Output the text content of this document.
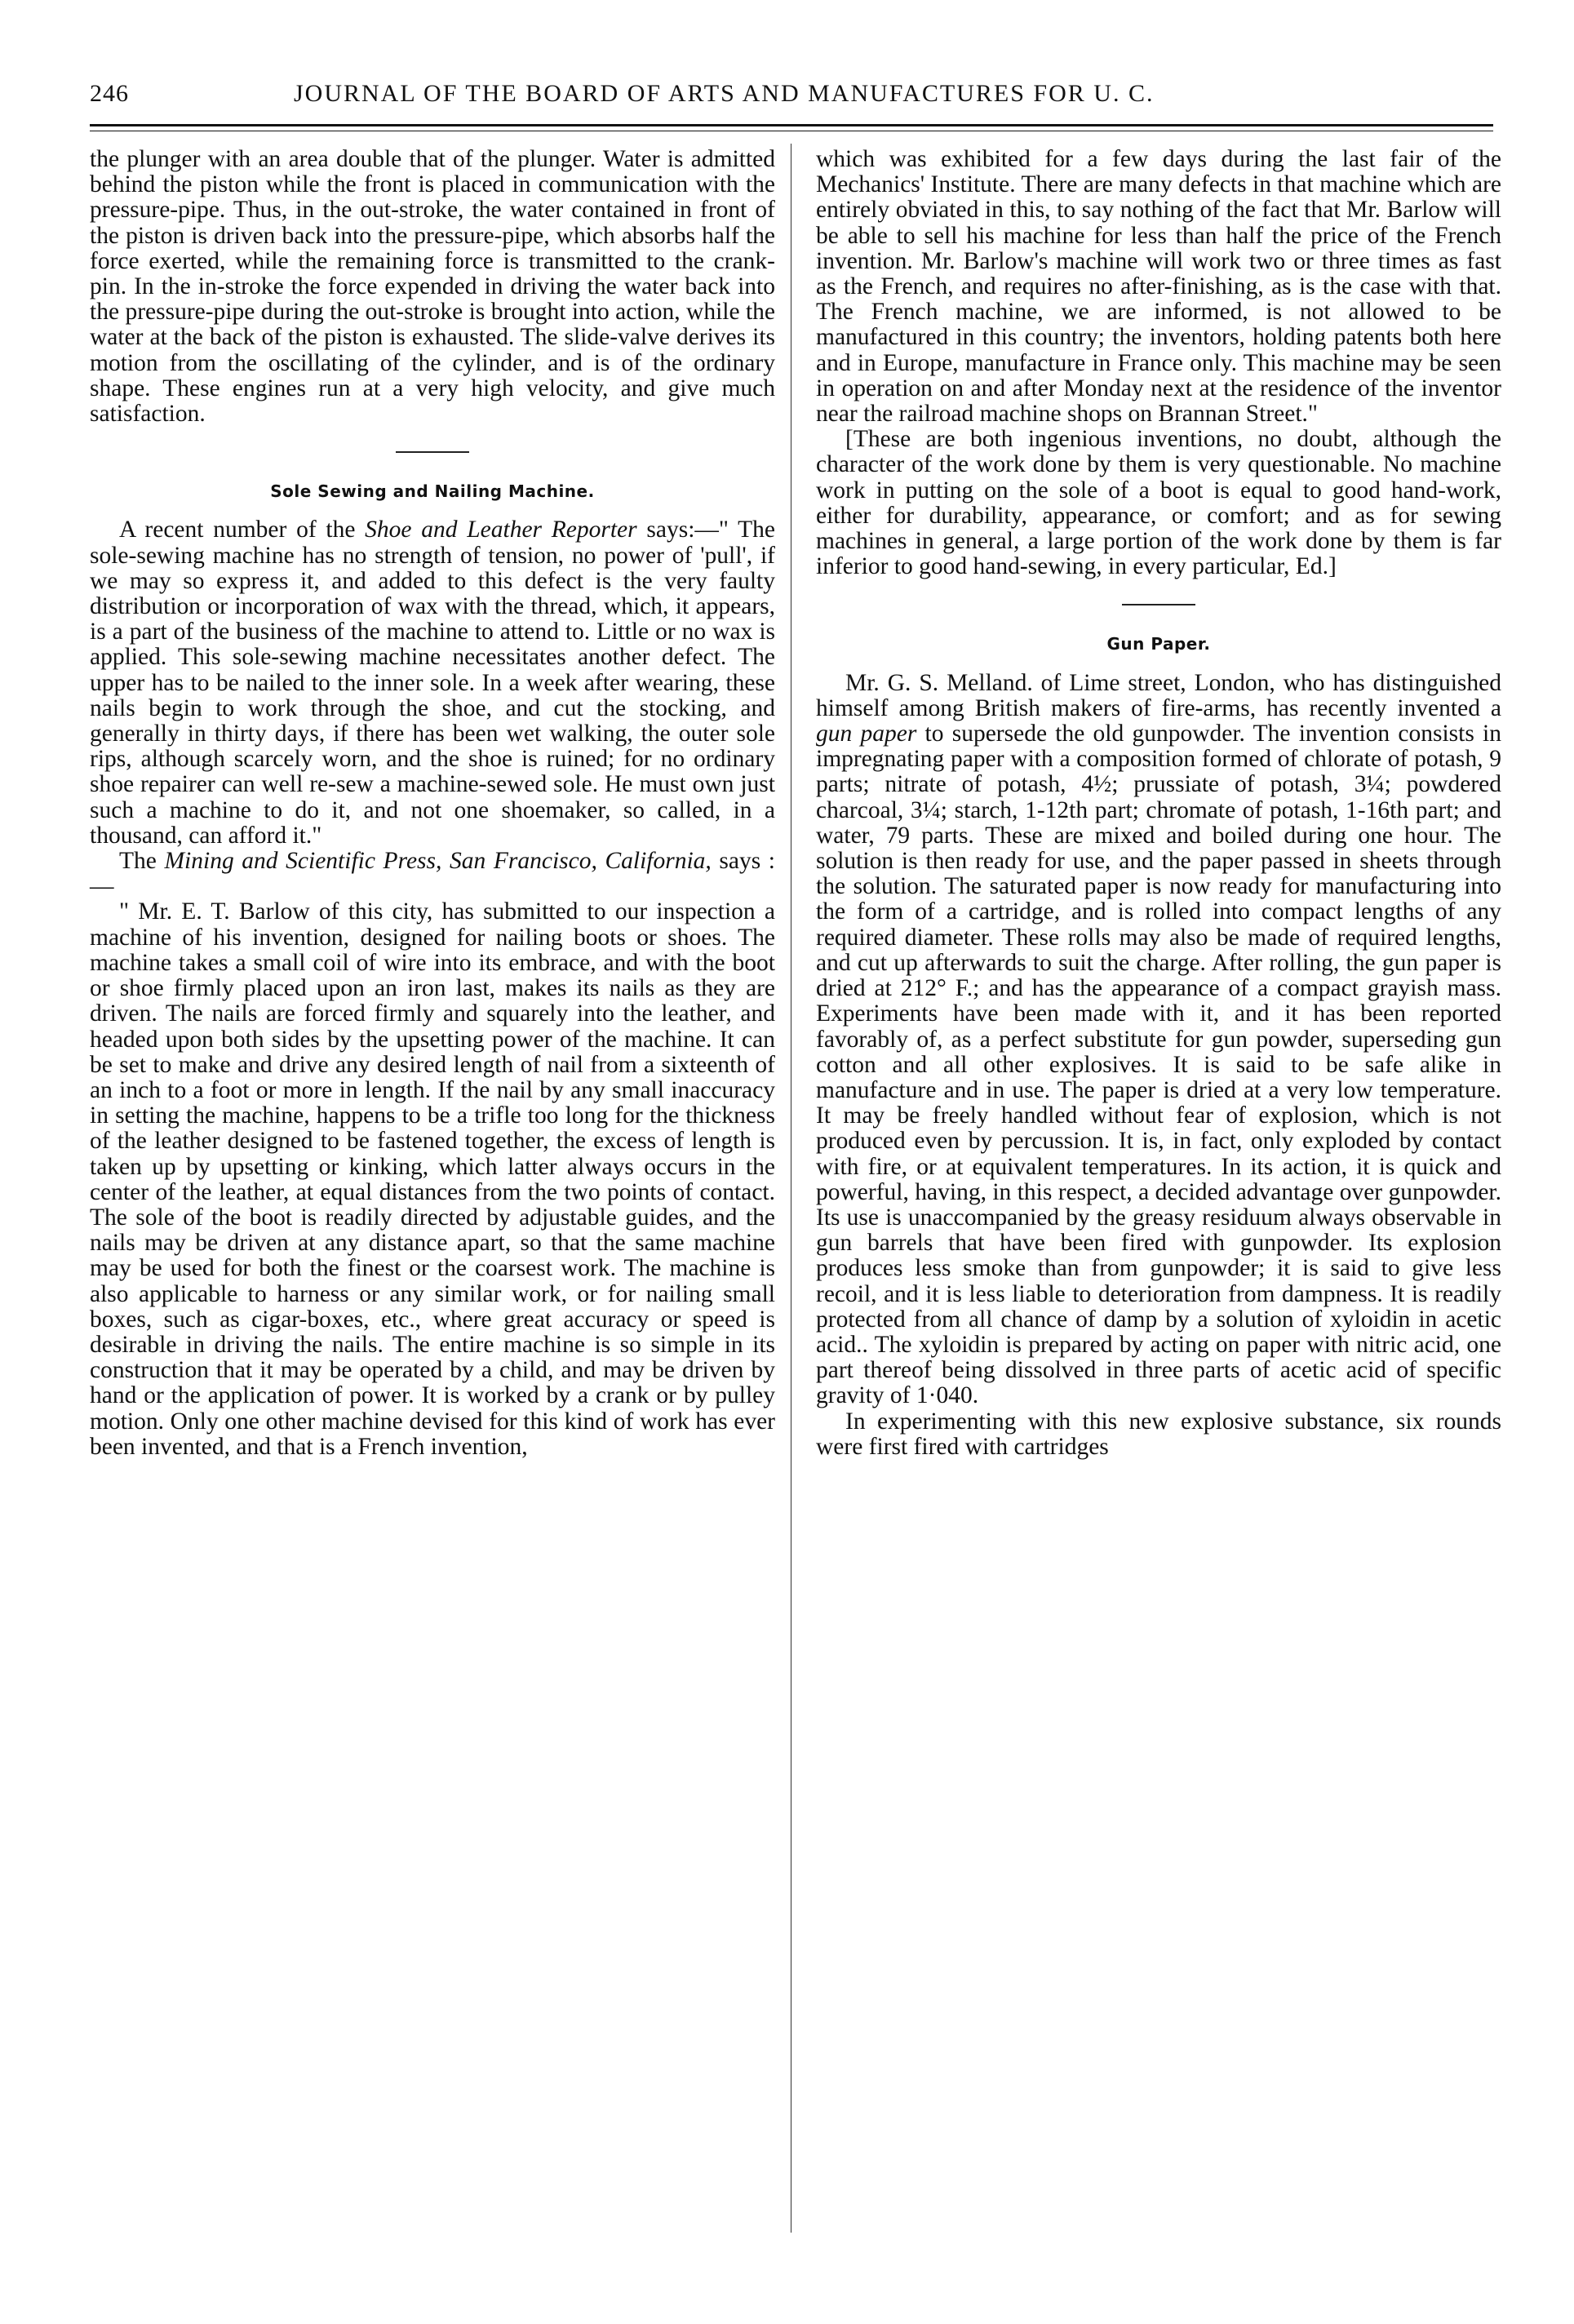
246	JOURNAL OF THE BOARD OF ARTS AND MANUFACTURES FOR U. C.

the plunger with an area double that of the plunger. Water is admitted behind the piston while the front is placed in communication with the pressure-pipe. Thus, in the out-stroke, the water contained in front of the piston is driven back into the pressure-pipe, which absorbs half the force exerted, while the remaining force is transmitted to the crank-pin. In the in-stroke the force expended in driving the water back into the pressure-pipe during the out-stroke is brought into action, while the water at the back of the piston is exhausted. The slide-valve derives its motion from the oscillating of the cylinder, and is of the ordinary shape. These engines run at a very high velocity, and give much satisfaction.

Sole Sewing and Nailing Machine.

A recent number of the Shoe and Leather Reporter says:—" The sole-sewing machine has no strength of tension, no power of 'pull', if we may so express it, and added to this defect is the very faulty distribution or incorporation of wax with the thread, which, it appears, is a part of the business of the machine to attend to. Little or no wax is applied. This sole-sewing machine necessitates another defect. The upper has to be nailed to the inner sole. In a week after wearing, these nails begin to work through the shoe, and cut the stocking, and generally in thirty days, if there has been wet walking, the outer sole rips, although scarcely worn, and the shoe is ruined; for no ordinary shoe repairer can well re-sew a machine-sewed sole. He must own just such a machine to do it, and not one shoemaker, so called, in a thousand, can afford it."

The Mining and Scientific Press, San Francisco, California, says :—

" Mr. E. T. Barlow of this city, has submitted to our inspection a machine of his invention, designed for nailing boots or shoes. The machine takes a small coil of wire into its embrace, and with the boot or shoe firmly placed upon an iron last, makes its nails as they are driven. The nails are forced firmly and squarely into the leather, and headed upon both sides by the upsetting power of the machine. It can be set to make and drive any desired length of nail from a sixteenth of an inch to a foot or more in length. If the nail by any small inaccuracy in setting the machine, happens to be a trifle too long for the thickness of the leather designed to be fastened together, the excess of length is taken up by upsetting or kinking, which latter always occurs in the center of the leather, at equal distances from the two points of contact. The sole of the boot is readily directed by adjustable guides, and the nails may be driven at any distance apart, so that the same machine may be used for both the finest or the coarsest work. The machine is also applicable to harness or any similar work, or for nailing small boxes, such as cigar-boxes, etc., where great accuracy or speed is desirable in driving the nails. The entire machine is so simple in its construction that it may be operated by a child, and may be driven by hand or the application of power. It is worked by a crank or by pulley motion. Only one other machine devised for this kind of work has ever been invented, and that is a French invention,

which was exhibited for a few days during the last fair of the Mechanics' Institute. There are many defects in that machine which are entirely obviated in this, to say nothing of the fact that Mr. Barlow will be able to sell his machine for less than half the price of the French invention. Mr. Barlow's machine will work two or three times as fast as the French, and requires no after-finishing, as is the case with that. The French machine, we are informed, is not allowed to be manufactured in this country; the inventors, holding patents both here and in Europe, manufacture in France only. This machine may be seen in operation on and after Monday next at the residence of the inventor near the railroad machine shops on Brannan Street."

[These are both ingenious inventions, no doubt, although the character of the work done by them is very questionable. No machine work in putting on the sole of a boot is equal to good hand-work, either for durability, appearance, or comfort; and as for sewing machines in general, a large portion of the work done by them is far inferior to good hand-sewing, in every particular, Ed.]

Gun Paper.

Mr. G. S. Melland. of Lime street, London, who has distinguished himself among British makers of fire-arms, has recently invented a gun paper to supersede the old gunpowder. The invention consists in impregnating paper with a composition formed of chlorate of potash, 9 parts; nitrate of potash, 4½; prussiate of potash, 3¼; powdered charcoal, 3¼; starch, 1-12th part; chromate of potash, 1-16th part; and water, 79 parts. These are mixed and boiled during one hour. The solution is then ready for use, and the paper passed in sheets through the solution. The saturated paper is now ready for manufacturing into the form of a cartridge, and is rolled into compact lengths of any required diameter. These rolls may also be made of required lengths, and cut up afterwards to suit the charge. After rolling, the gun paper is dried at 212° F.; and has the appearance of a compact grayish mass. Experiments have been made with it, and it has been reported favorably of, as a perfect substitute for gun powder, superseding gun cotton and all other explosives. It is said to be safe alike in manufacture and in use. The paper is dried at a very low temperature. It may be freely handled without fear of explosion, which is not produced even by percussion. It is, in fact, only exploded by contact with fire, or at equivalent temperatures. In its action, it is quick and powerful, having, in this respect, a decided advantage over gunpowder. Its use is unaccompanied by the greasy residuum always observable in gun barrels that have been fired with gunpowder. Its explosion produces less smoke than from gunpowder; it is said to give less recoil, and it is less liable to deterioration from dampness. It is readily protected from all chance of damp by a solution of xyloidin in acetic acid.. The xyloidin is prepared by acting on paper with nitric acid, one part thereof being dissolved in three parts of acetic acid of specific gravity of 1·040.

In experimenting with this new explosive substance, six rounds were first fired with cartridges
